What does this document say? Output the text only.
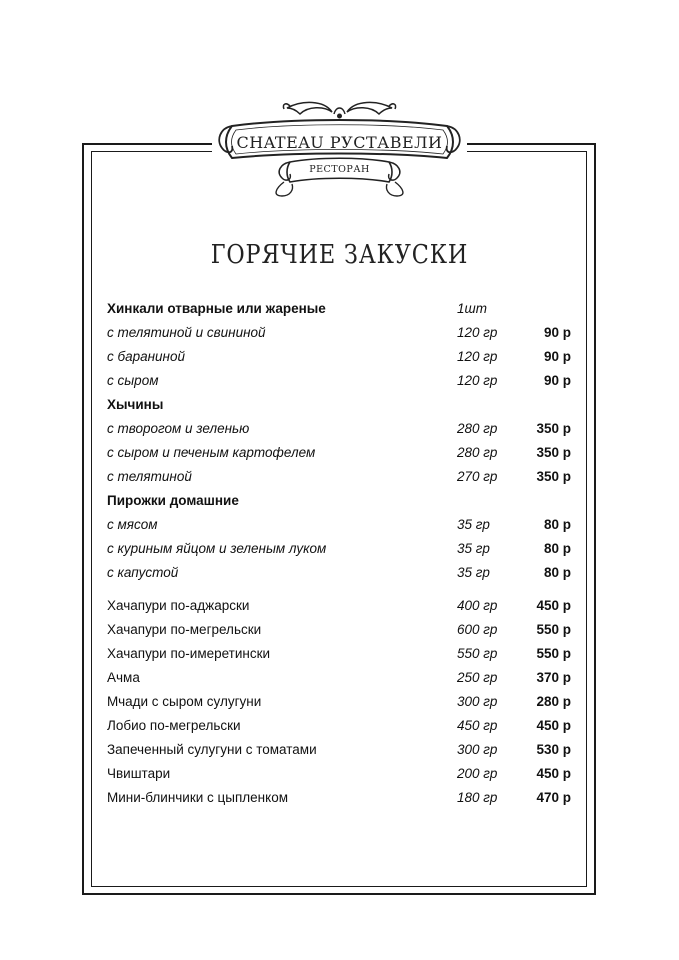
CHATEAU РУСТАВЕЛИ
РЕСТОРАН
ГОРЯЧИЕ ЗАКУСКИ
Хинкали отварные или жареные	1шт
с телятиной и свининой	120 гр	90 р
с бараниной	120 гр	90 р
с сыром	120 гр	90 р
Хычины
с творогом и зеленью	280 гр	350 р
с сыром и печеным картофелем	280 гр	350 р
с телятиной	270 гр	350 р
Пирожки домашние
с мясом	35 гр	80 р
с куриным яйцом и зеленым луком	35 гр	80 р
с капустой	35 гр	80 р
Хачапури по-аджарски	400 гр	450 р
Хачапури по-мегрельски	600 гр	550 р
Хачапури по-имеретински	550 гр	550 р
Ачма	250 гр	370 р
Мчади с сыром сулугуни	300 гр	280 р
Лобио по-мегрельски	450 гр	450 р
Запеченный сулугуни с томатами	300 гр	530 р
Чвиштари	200 гр	450 р
Мини-блинчики с цыпленком	180 гр	470 р
